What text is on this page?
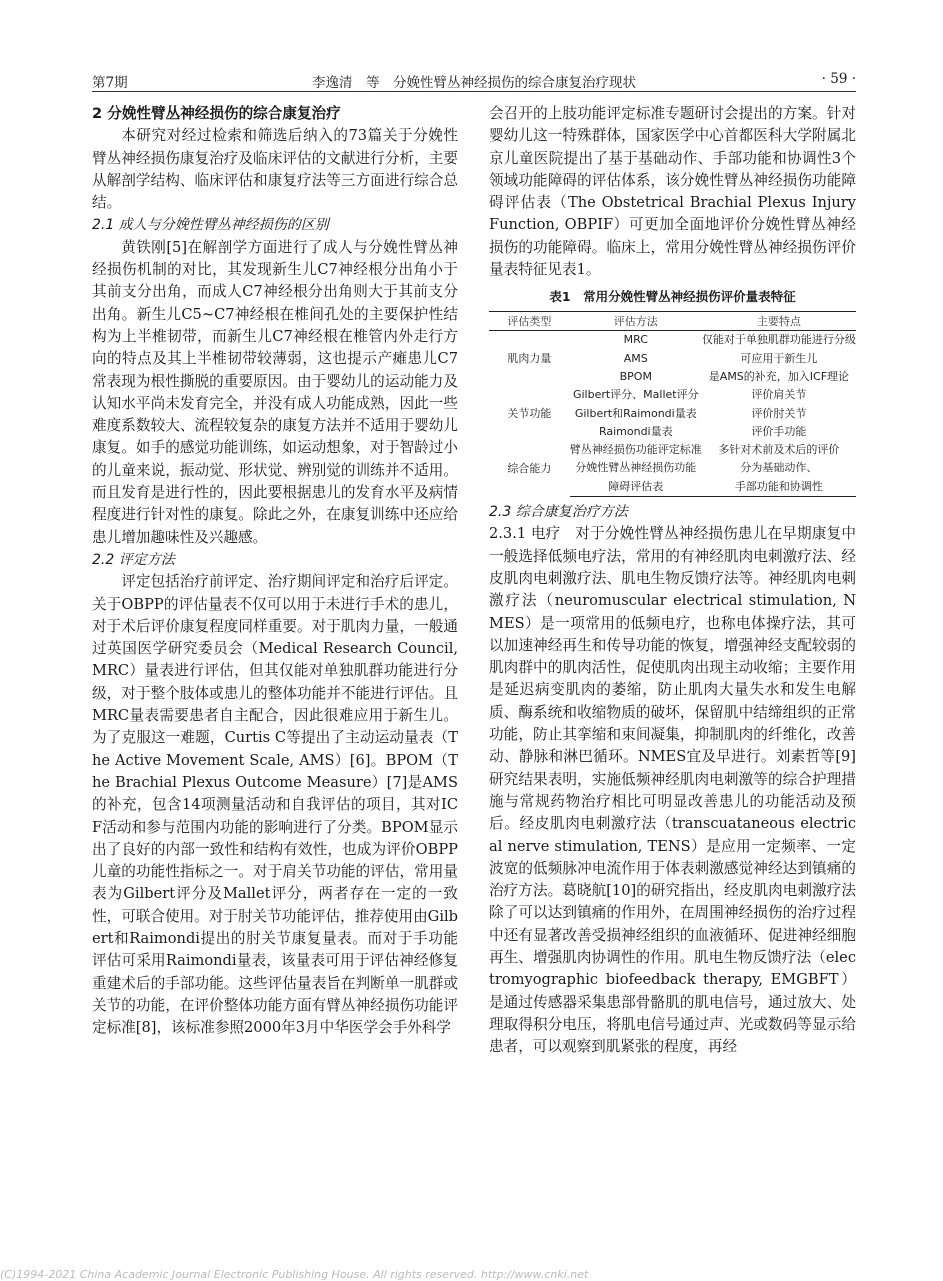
第7期	李逸清　等　分娩性臂丛神经损伤的综合康复治疗现状	· 59 ·

2 分娩性臂丛神经损伤的综合康复治疗

本研究对经过检索和筛选后纳入的73篇关于分娩性臂丛神经损伤康复治疗及临床评估的文献进行分析，主要从解剖学结构、临床评估和康复疗法等三方面进行综合总结。

2.1 成人与分娩性臂丛神经损伤的区别

黄铁刚[5]在解剖学方面进行了成人与分娩性臂丛神经损伤机制的对比，其发现新生儿C7神经根分出角小于其前支分出角，而成人C7神经根分出角则大于其前支分出角。新生儿C5~C7神经根在椎间孔处的主要保护性结构为上半椎韧带，而新生儿C7神经根在椎管内外走行方向的特点及其上半椎韧带较薄弱，这也提示产瘫患儿C7常表现为根性撕脱的重要原因。由于婴幼儿的运动能力及认知水平尚未发育完全，并没有成人功能成熟，因此一些难度系数较大、流程较复杂的康复方法并不适用于婴幼儿康复。如手的感觉功能训练，如运动想象，对于智龄过小的儿童来说，振动觉、形状觉、辨别觉的训练并不适用。而且发育是进行性的，因此要根据患儿的发育水平及病情程度进行针对性的康复。除此之外，在康复训练中还应给患儿增加趣味性及兴趣感。

2.2 评定方法

评定包括治疗前评定、治疗期间评定和治疗后评定。关于OBPP的评估量表不仅可以用于未进行手术的患儿，对于术后评价康复程度同样重要。对于肌肉力量，一般通过英国医学研究委员会（Medical Research Council, MRC）量表进行评估，但其仅能对单独肌群功能进行分级，对于整个肢体或患儿的整体功能并不能进行评估。且MRC量表需要患者自主配合，因此很难应用于新生儿。为了克服这一难题，Curtis C等提出了主动运动量表（The Active Movement Scale, AMS）[6]。BPOM（The Brachial Plexus Outcome Measure）[7]是AMS的补充，包含14项测量活动和自我评估的项目，其对ICF活动和参与范围内功能的影响进行了分类。BPOM显示出了良好的内部一致性和结构有效性，也成为评价OBPP儿童的功能性指标之一。对于肩关节功能的评估，常用量表为Gilbert评分及Mallet评分，两者存在一定的一致性，可联合使用。对于肘关节功能评估，推荐使用由Gilbert和Raimondi提出的肘关节康复量表。而对于手功能评估可采用Raimondi量表，该量表可用于评估神经修复重建术后的手部功能。这些评估量表旨在判断单一肌群或关节的功能，在评价整体功能方面有臂丛神经损伤功能评定标准[8]，该标准参照2000年3月中华医学会手外科学

会召开的上肢功能评定标准专题研讨会提出的方案。针对婴幼儿这一特殊群体，国家医学中心首都医科大学附属北京儿童医院提出了基于基础动作、手部功能和协调性3个领域功能障碍的评估体系，该分娩性臂丛神经损伤功能障碍评估表（The Obstetrical Brachial Plexus Injury Function, OBPIF）可更加全面地评价分娩性臂丛神经损伤的功能障碍。临床上，常用分娩性臂丛神经损伤评价量表特征见表1。

表1　常用分娩性臂丛神经损伤评价量表特征
评估类型	评估方法	主要特点
肌肉力量	MRC	仅能对于单独肌群功能进行分级
	AMS	可应用于新生儿
	BPOM	是AMS的补充，加入ICF理论
关节功能	Gilbert评分、Mallet评分	评价肩关节
	Gilbert和Raimondi量表	评价肘关节
	Raimondi量表	评价手功能
综合能力	臂丛神经损伤功能评定标准	多针对术前及术后的评价
	分娩性臂丛神经损伤功能	分为基础动作、
	障碍评估表	手部功能和协调性

2.3 综合康复治疗方法

2.3.1 电疗　对于分娩性臂丛神经损伤患儿在早期康复中一般选择低频电疗法，常用的有神经肌肉电刺激疗法、经皮肌肉电刺激疗法、肌电生物反馈疗法等。神经肌肉电刺激疗法（neuromuscular electrical stimulation, NMES）是一项常用的低频电疗，也称电体操疗法，其可以加速神经再生和传导功能的恢复，增强神经支配较弱的肌肉群中的肌肉活性，促使肌肉出现主动收缩；主要作用是延迟病变肌肉的萎缩，防止肌肉大量失水和发生电解质、酶系统和收缩物质的破坏，保留肌中结缔组织的正常功能，防止其挛缩和束间凝集，抑制肌肉的纤维化，改善动、静脉和淋巴循环。NMES宜及早进行。刘素哲等[9]研究结果表明，实施低频神经肌肉电刺激等的综合护理措施与常规药物治疗相比可明显改善患儿的功能活动及预后。经皮肌肉电刺激疗法（transcuataneous electrical nerve stimulation, TENS）是应用一定频率、一定波宽的低频脉冲电流作用于体表刺激感觉神经达到镇痛的治疗方法。葛晓航[10]的研究指出，经皮肌肉电刺激疗法除了可以达到镇痛的作用外，在周围神经损伤的治疗过程中还有显著改善受损神经组织的血液循环、促进神经细胞再生、增强肌肉协调性的作用。肌电生物反馈疗法（electromyographic biofeedback therapy, EMGBFT）是通过传感器采集患部骨骼肌的肌电信号，通过放大、处理取得积分电压，将肌电信号通过声、光或数码等显示给患者，可以观察到肌紧张的程度，再经

(C)1994-2021 China Academic Journal Electronic Publishing House. All rights reserved. http://www.cnki.net
